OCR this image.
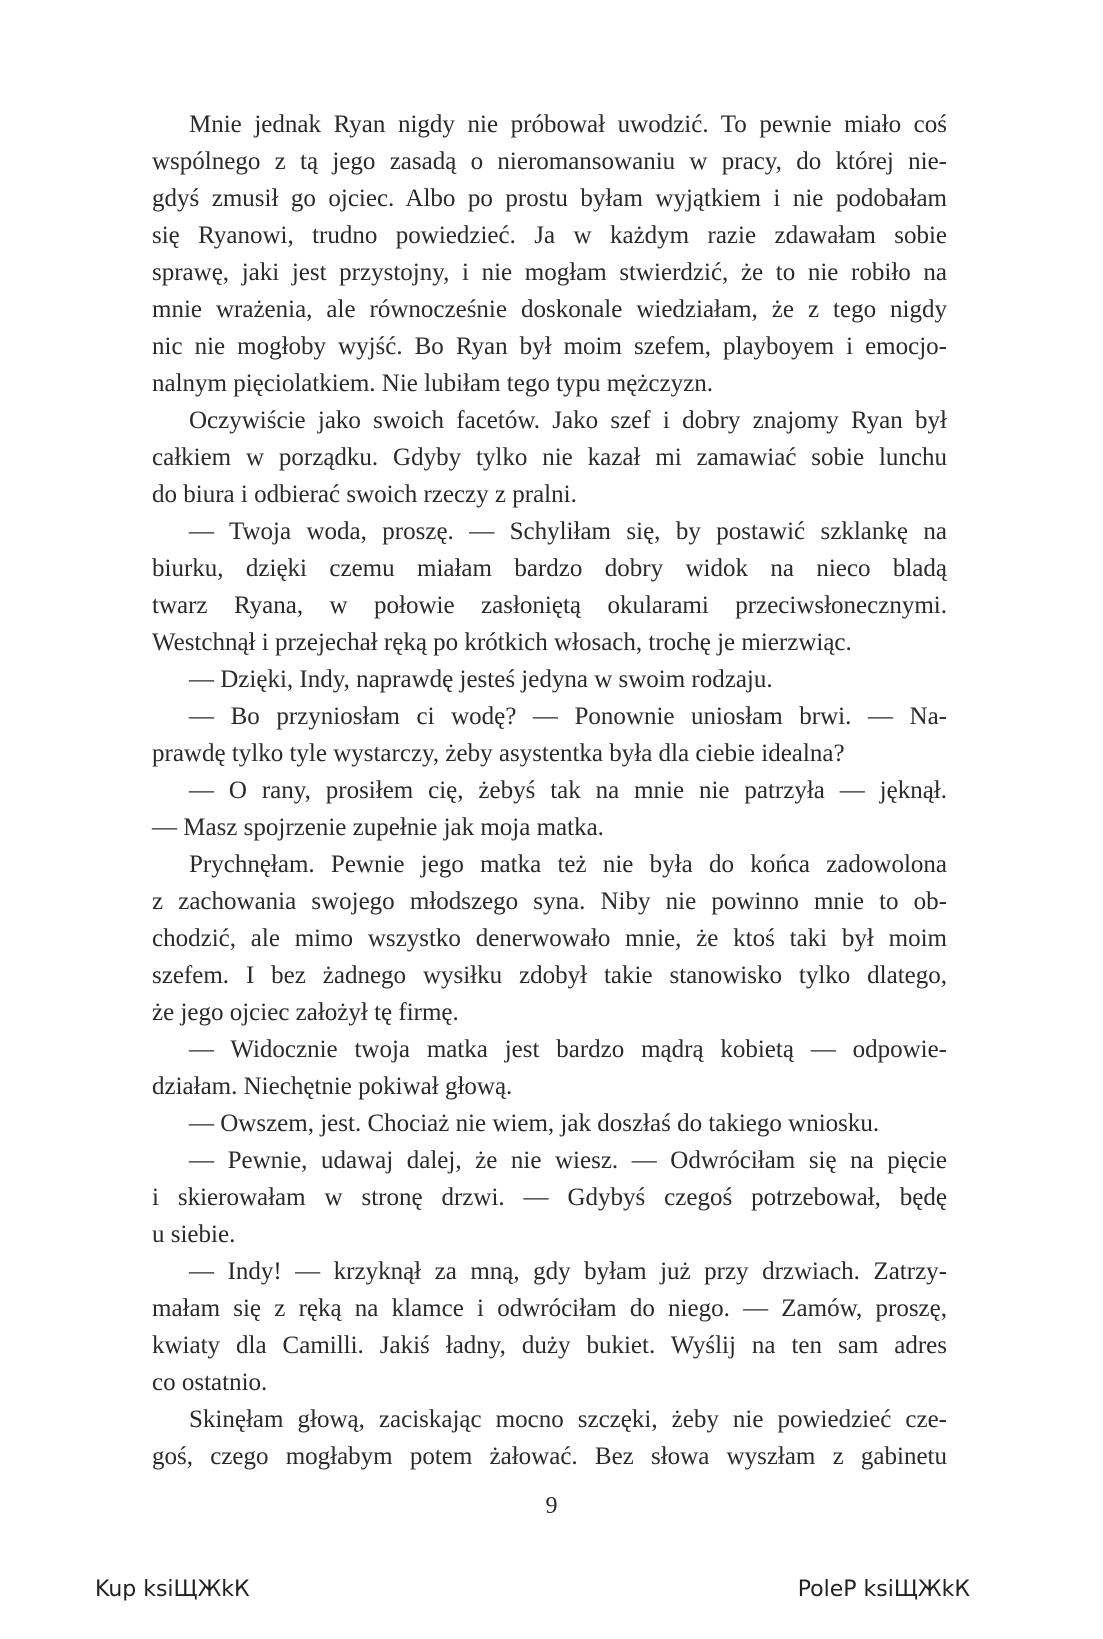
Mnie jednak Ryan nigdy nie próbował uwodzić. To pewnie miało coś
wspólnego z tą jego zasadą o nieromansowaniu w pracy, do której nie-
gdyś zmusił go ojciec. Albo po prostu byłam wyjątkiem i nie podobałam
się Ryanowi, trudno powiedzieć. Ja w każdym razie zdawałam sobie
sprawę, jaki jest przystojny, i nie mogłam stwierdzić, że to nie robiło na
mnie wrażenia, ale równocześnie doskonale wiedziałam, że z tego nigdy
nic nie mogłoby wyjść. Bo Ryan był moim szefem, playboyem i emocjo-
nalnym pięciolatkiem. Nie lubiłam tego typu mężczyzn.
Oczywiście jako swoich facetów. Jako szef i dobry znajomy Ryan był
całkiem w porządku. Gdyby tylko nie kazał mi zamawiać sobie lunchu
do biura i odbierać swoich rzeczy z pralni.
— Twoja woda, proszę. — Schyliłam się, by postawić szklankę na
biurku, dzięki czemu miałam bardzo dobry widok na nieco bladą
twarz Ryana, w połowie zasłoniętą okularami przeciwsłonecznymi.
Westchnął i przejechał ręką po krótkich włosach, trochę je mierzwiąc.
— Dzięki, Indy, naprawdę jesteś jedyna w swoim rodzaju.
— Bo przyniosłam ci wodę? — Ponownie uniosłam brwi. — Na-
prawdę tylko tyle wystarczy, żeby asystentka była dla ciebie idealna?
— O rany, prosiłem cię, żebyś tak na mnie nie patrzyła — jęknął.
— Masz spojrzenie zupełnie jak moja matka.
Prychnęłam. Pewnie jego matka też nie była do końca zadowolona
z zachowania swojego młodszego syna. Niby nie powinno mnie to ob-
chodzić, ale mimo wszystko denerwowało mnie, że ktoś taki był moim
szefem. I bez żadnego wysiłku zdobył takie stanowisko tylko dlatego,
że jego ojciec założył tę firmę.
— Widocznie twoja matka jest bardzo mądrą kobietą — odpowie-
działam. Niechętnie pokiwał głową.
— Owszem, jest. Chociaż nie wiem, jak doszłaś do takiego wniosku.
— Pewnie, udawaj dalej, że nie wiesz. — Odwróciłam się na pięcie
i skierowałam w stronę drzwi. — Gdybyś czegoś potrzebował, będę
u siebie.
— Indy! — krzyknął za mną, gdy byłam już przy drzwiach. Zatrzy-
małam się z ręką na klamce i odwróciłam do niego. — Zamów, proszę,
kwiaty dla Camilli. Jakiś ładny, duży bukiet. Wyślij na ten sam adres
co ostatnio.
Skinęłam głową, zaciskając mocno szczęki, żeby nie powiedzieć cze-
goś, czego mogłabym potem żałować. Bez słowa wyszłam z gabinetu
9
Kup ksiЩЖkК	PoleР ksiЩЖkК
